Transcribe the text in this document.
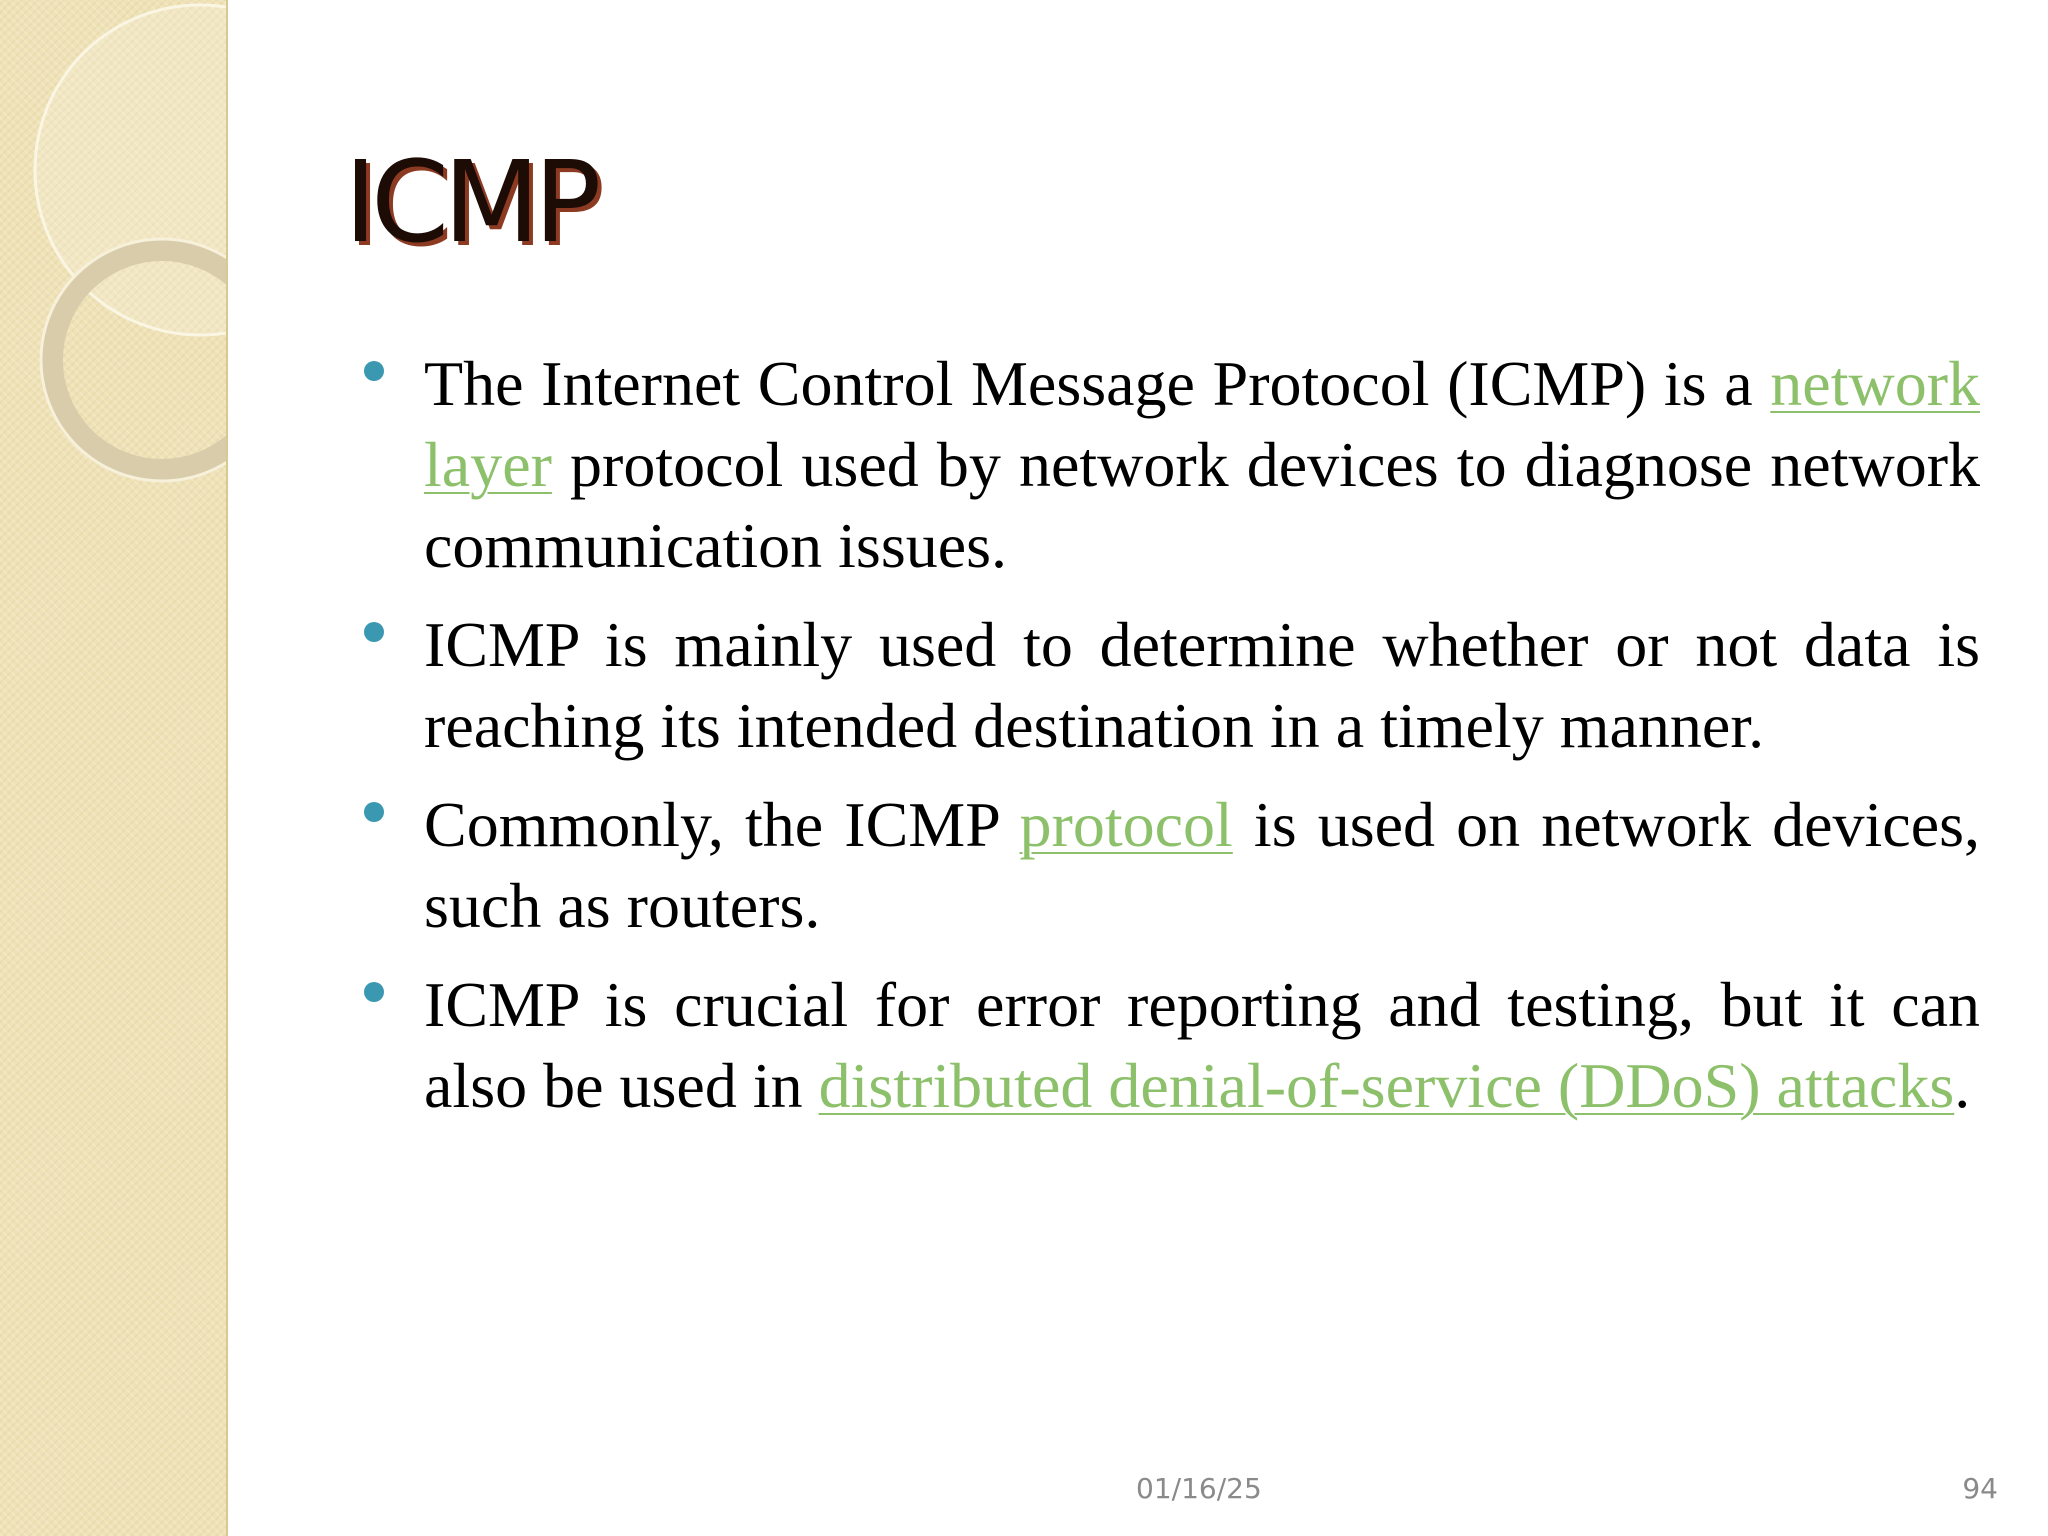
ICMP
The Internet Control Message Protocol (ICMP) is a network layer protocol used by network devices to diagnose network communication issues.
ICMP is mainly used to determine whether or not data is reaching its intended destination in a timely manner.
Commonly, the ICMP protocol is used on network devices, such as routers.
ICMP is crucial for error reporting and testing, but it can also be used in distributed denial-of-service (DDoS) attacks.
01/16/25	94
